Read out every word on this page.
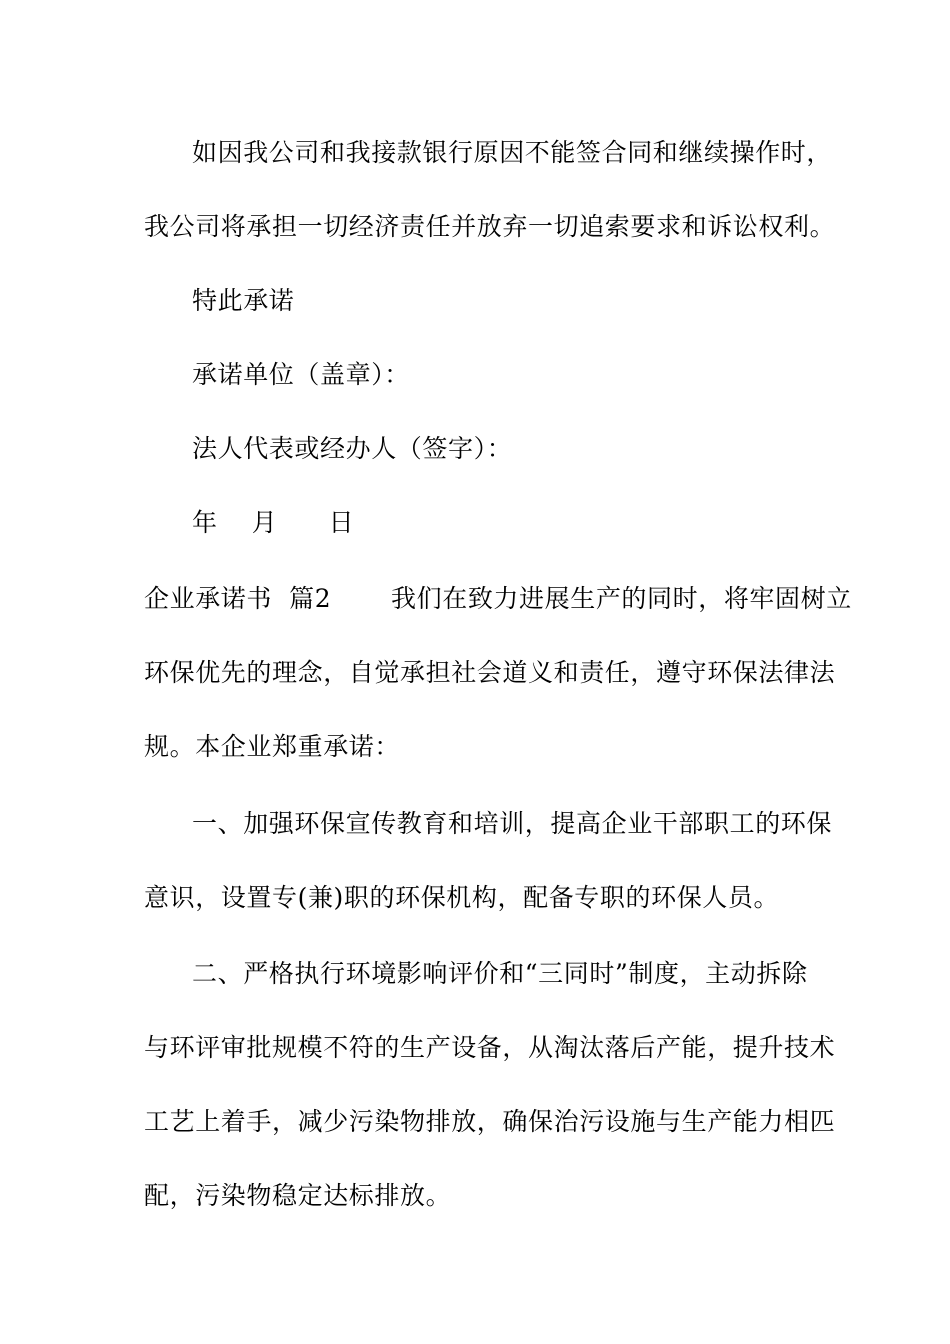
如因我公司和我接款银行原因不能签合同和继续操作时，
我公司将承担一切经济责任并放弃一切追索要求和诉讼权利。
特此承诺
承诺单位（盖章）：
法人代表或经办人（签字）：
年    月      日
企业承诺书  篇2       我们在致力进展生产的同时，将牢固树立
环保优先的理念，自觉承担社会道义和责任，遵守环保法律法
规。本企业郑重承诺：
一、加强环保宣传教育和培训，提高企业干部职工的环保
意识，设置专(兼)职的环保机构，配备专职的环保人员。
二、严格执行环境影响评价和“三同时”制度，主动拆除
与环评审批规模不符的生产设备，从淘汰落后产能，提升技术
工艺上着手，减少污染物排放，确保治污设施与生产能力相匹
配，污染物稳定达标排放。
